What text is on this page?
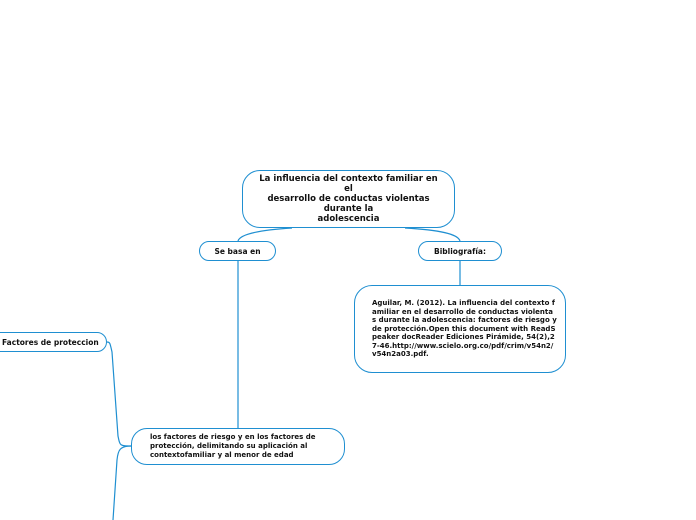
La influencia del contexto familiar en
el
desarrollo de conductas violentas
durante la
adolescencia
Se basa en	Bibliografía:
Aguilar, M. (2012). La influencia del contexto familiar en el desarrollo de conductas violentas durante la adolescencia: factores de riesgo y de protección.Open this document with ReadSpeaker docReader Ediciones Pirámide, 54(2),27-46.http://www.scielo.org.co/pdf/crim/v54n2/v54n2a03.pdf.
los factores de riesgo y en los factores de protección, delimitando su aplicación al contextofamiliar y al menor de edad
Factores de proteccion
